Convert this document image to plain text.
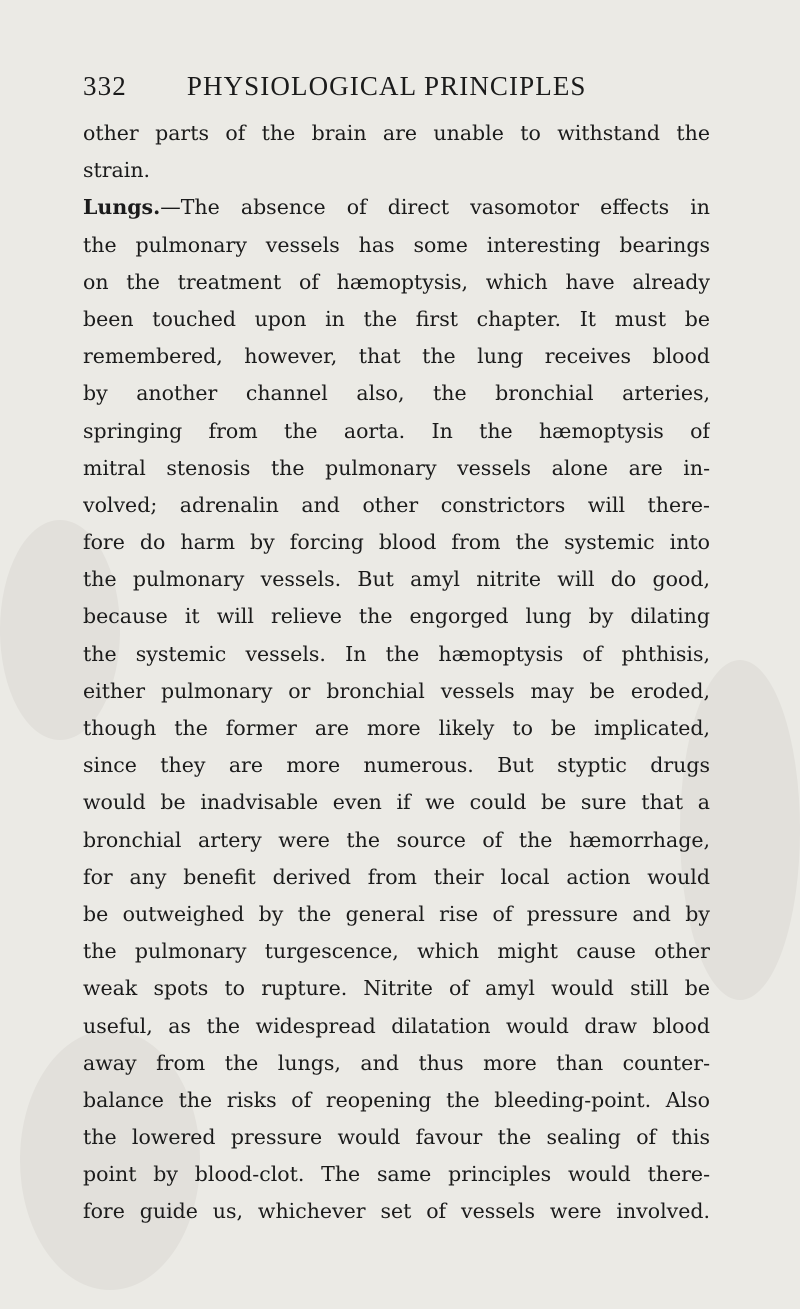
332 PHYSIOLOGICAL PRINCIPLES
other parts of the brain are unable to withstand the
strain.
Lungs.—The absence of direct vasomotor effects in
the pulmonary vessels has some interesting bearings
on the treatment of hæmoptysis, which have already
been touched upon in the first chapter. It must be
remembered, however, that the lung receives blood
by another channel also, the bronchial arteries,
springing from the aorta. In the hæmoptysis of
mitral stenosis the pulmonary vessels alone are in-
volved; adrenalin and other constrictors will there-
fore do harm by forcing blood from the systemic into
the pulmonary vessels. But amyl nitrite will do good,
because it will relieve the engorged lung by dilating
the systemic vessels. In the hæmoptysis of phthisis,
either pulmonary or bronchial vessels may be eroded,
though the former are more likely to be implicated,
since they are more numerous. But styptic drugs
would be inadvisable even if we could be sure that a
bronchial artery were the source of the hæmorrhage,
for any benefit derived from their local action would
be outweighed by the general rise of pressure and by
the pulmonary turgescence, which might cause other
weak spots to rupture. Nitrite of amyl would still be
useful, as the widespread dilatation would draw blood
away from the lungs, and thus more than counter-
balance the risks of reopening the bleeding-point. Also
the lowered pressure would favour the sealing of this
point by blood-clot. The same principles would there-
fore guide us, whichever set of vessels were involved.
